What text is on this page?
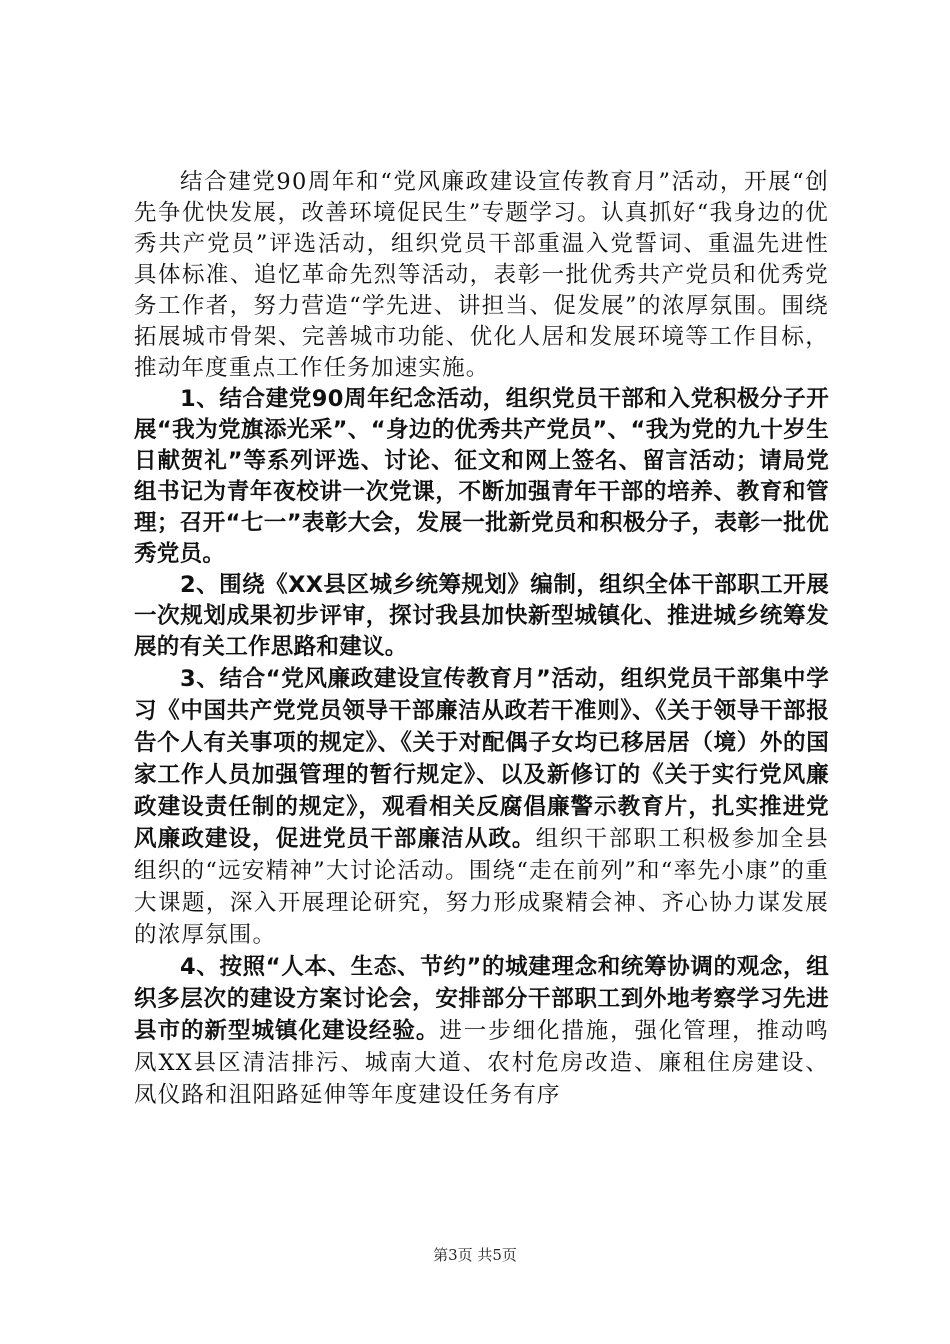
结合建党90周年和“党风廉政建设宣传教育月”活动，开展“创先争优快发展，改善环境促民生”专题学习。认真抓好“我身边的优秀共产党员”评选活动，组织党员干部重温入党誓词、重温先进性具体标准、追忆革命先烈等活动，表彰一批优秀共产党员和优秀党务工作者，努力营造“学先进、讲担当、促发展”的浓厚氛围。围绕拓展城市骨架、完善城市功能、优化人居和发展环境等工作目标，推动年度重点工作任务加速实施。

1、结合建党90周年纪念活动，组织党员干部和入党积极分子开展“我为党旗添光采”、“身边的优秀共产党员”、“我为党的九十岁生日献贺礼”等系列评选、讨论、征文和网上签名、留言活动；请局党组书记为青年夜校讲一次党课，不断加强青年干部的培养、教育和管理；召开“七一”表彰大会，发展一批新党员和积极分子，表彰一批优秀党员。

2、围绕《XX县区城乡统筹规划》编制，组织全体干部职工开展一次规划成果初步评审，探讨我县加快新型城镇化、推进城乡统筹发展的有关工作思路和建议。

3、结合“党风廉政建设宣传教育月”活动，组织党员干部集中学习《中国共产党党员领导干部廉洁从政若干准则》、《关于领导干部报告个人有关事项的规定》、《关于对配偶子女均已移居居（境）外的国家工作人员加强管理的暂行规定》、以及新修订的《关于实行党风廉政建设责任制的规定》，观看相关反腐倡廉警示教育片，扎实推进党风廉政建设，促进党员干部廉洁从政。组织干部职工积极参加全县组织的“远安精神”大讨论活动。围绕“走在前列”和“率先小康”的重大课题，深入开展理论研究，努力形成聚精会神、齐心协力谋发展的浓厚氛围。

4、按照“人本、生态、节约”的城建理念和统筹协调的观念，组织多层次的建设方案讨论会，安排部分干部职工到外地考察学习先进县市的新型城镇化建设经验。进一步细化措施，强化管理，推动鸣凤XX县区清洁排污、城南大道、农村危房改造、廉租住房建设、凤仪路和沮阳路延伸等年度建设任务有序

第3页 共5页
